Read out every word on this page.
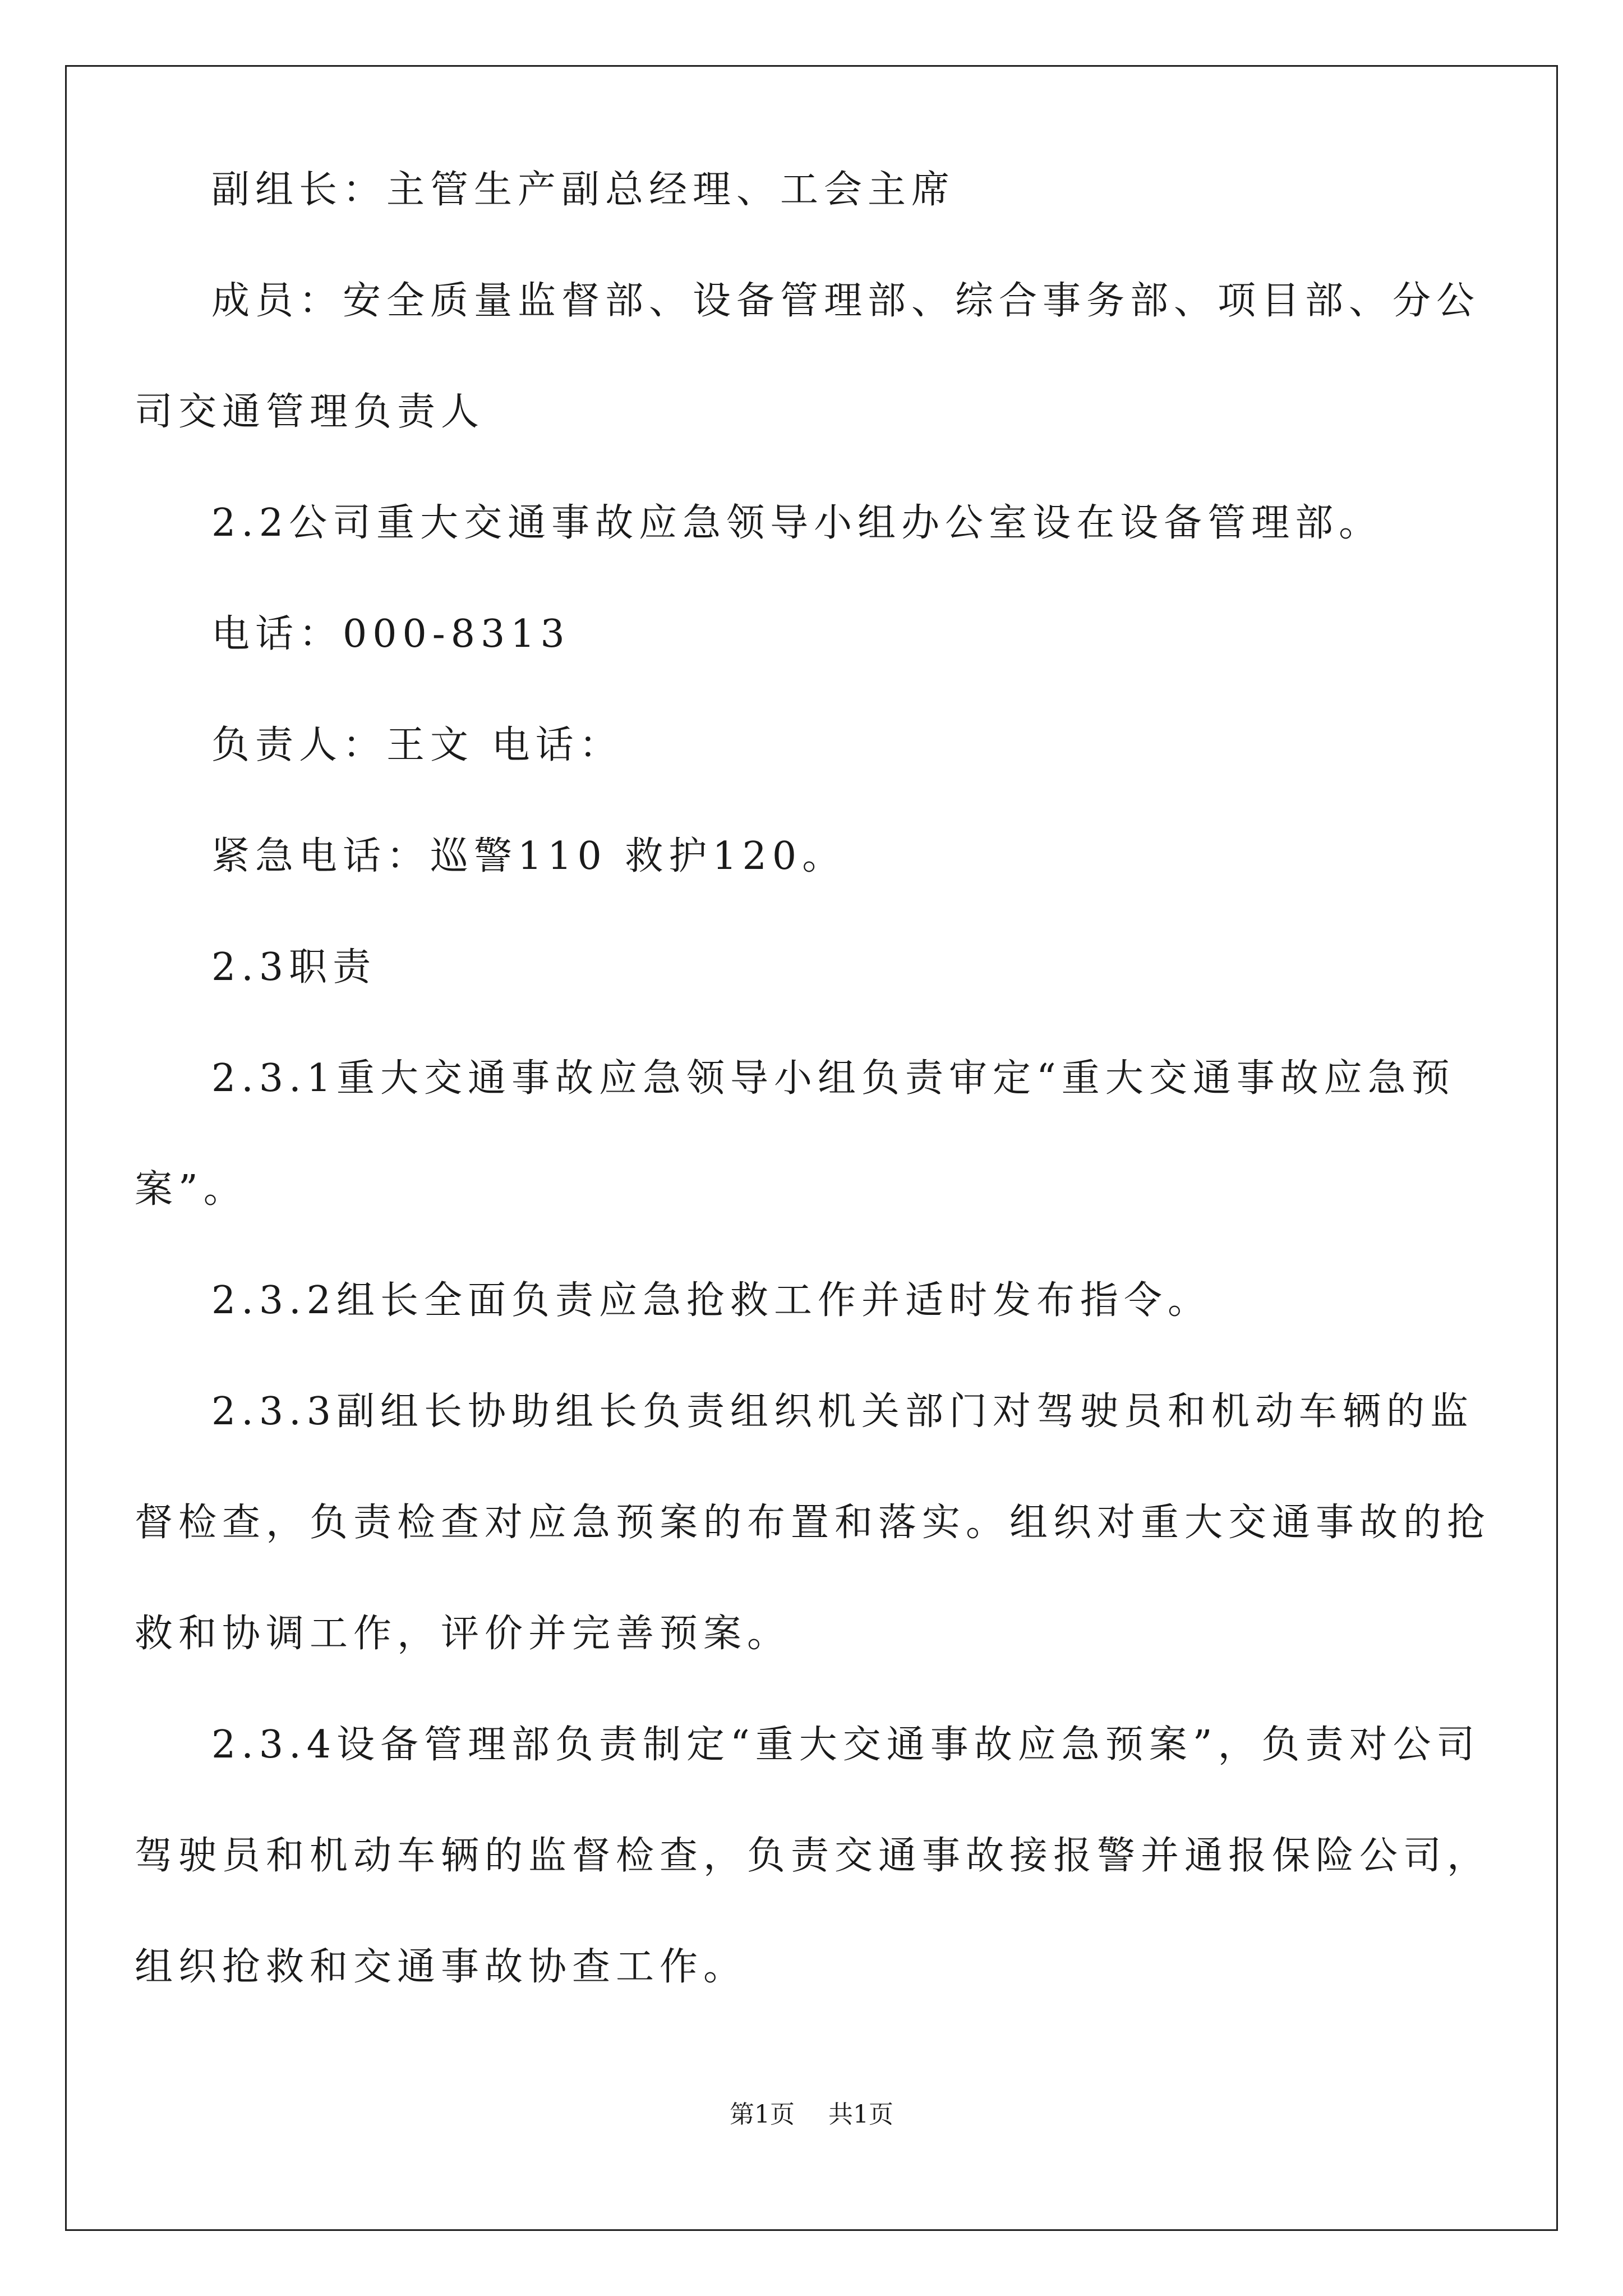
副组长：主管生产副总经理、工会主席

成员：安全质量监督部、设备管理部、综合事务部、项目部、分公司交通管理负责人

2.2公司重大交通事故应急领导小组办公室设在设备管理部。

电话：000-8313

负责人：王文 电话：

紧急电话：巡警110 救护120。

2.3职责

2.3.1重大交通事故应急领导小组负责审定“重大交通事故应急预案”。

2.3.2组长全面负责应急抢救工作并适时发布指令。

2.3.3副组长协助组长负责组织机关部门对驾驶员和机动车辆的监督检查，负责检查对应急预案的布置和落实。组织对重大交通事故的抢救和协调工作，评价并完善预案。

2.3.4设备管理部负责制定“重大交通事故应急预案”，负责对公司驾驶员和机动车辆的监督检查，负责交通事故接报警并通报保险公司，组织抢救和交通事故协查工作。

第1页 共1页
